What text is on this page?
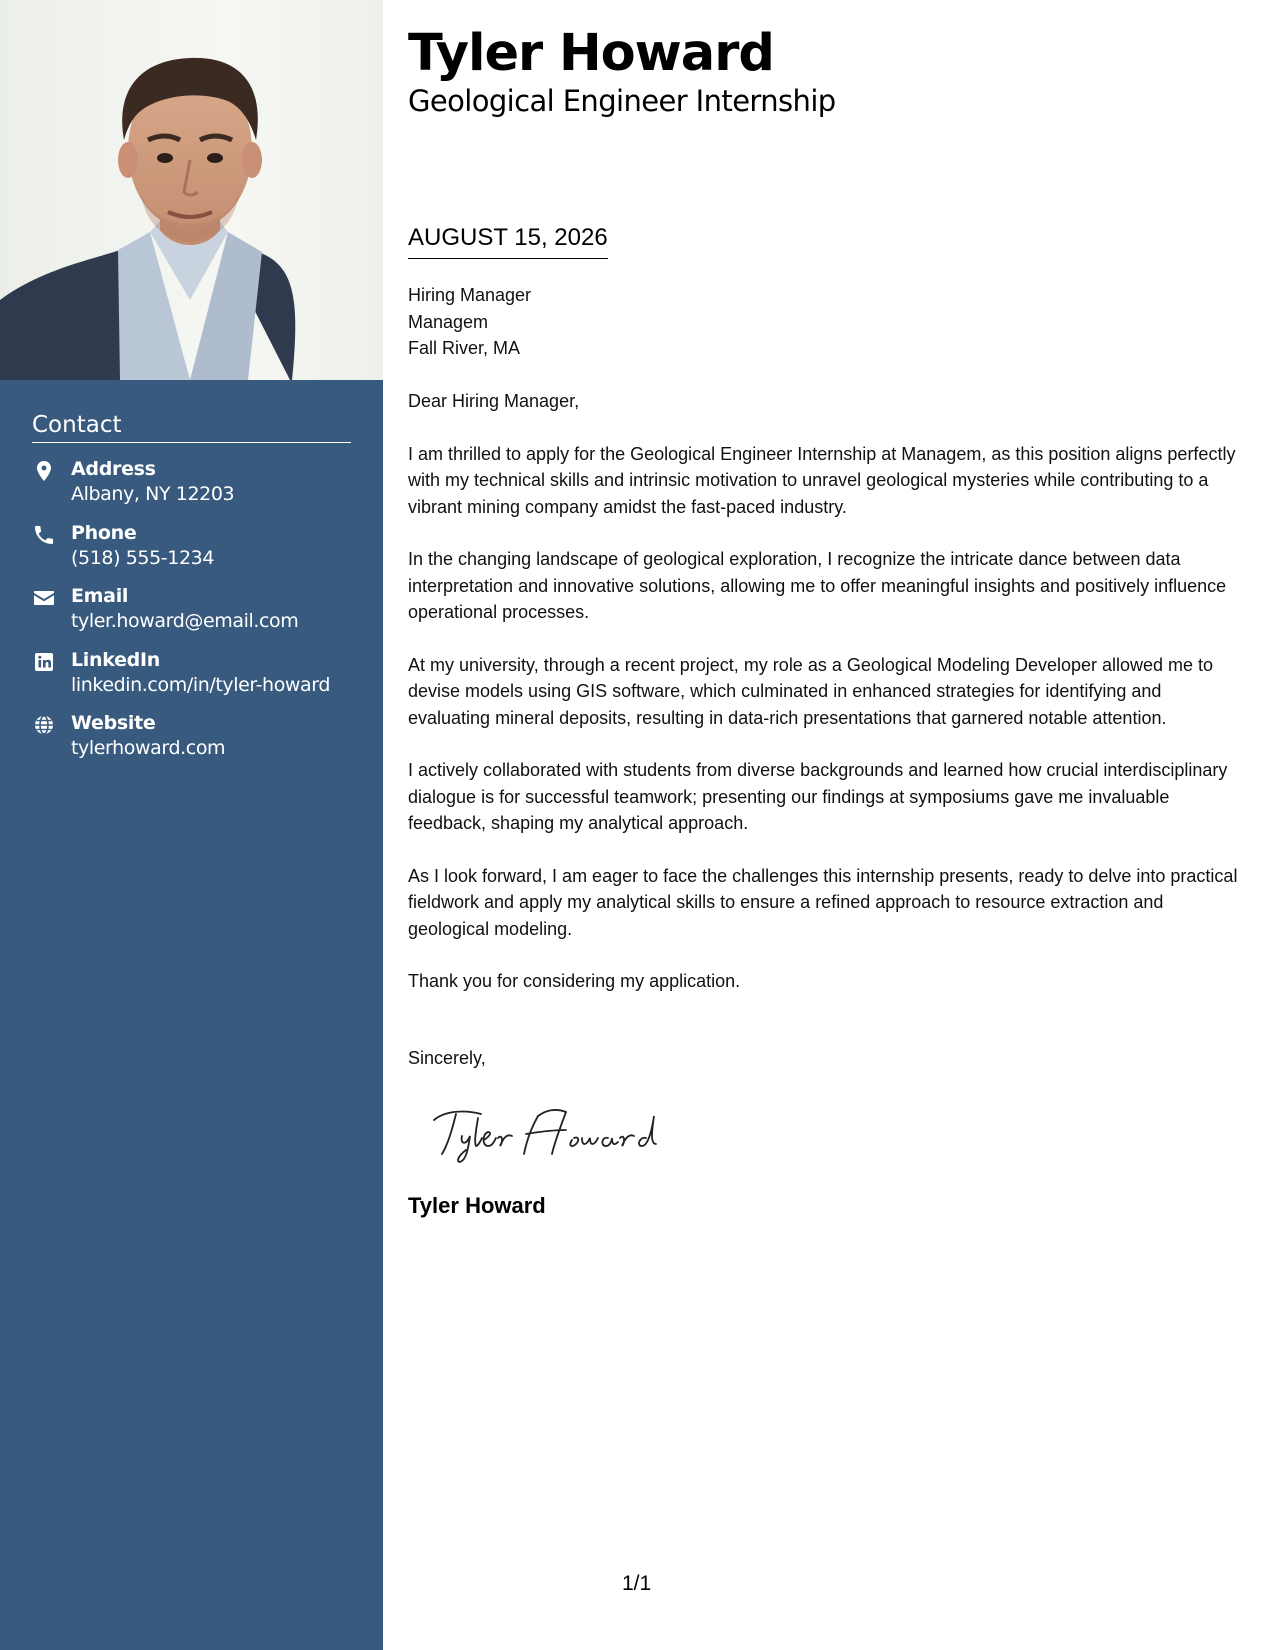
Contact
Address
Albany, NY 12203
Phone
(518) 555-1234
Email
tyler.howard@email.com
LinkedIn
linkedin.com/in/tyler-howard
Website
tylerhoward.com
Tyler Howard
Geological Engineer Internship
AUGUST 15, 2026
Hiring Manager
Managem
Fall River, MA

Dear Hiring Manager,

I am thrilled to apply for the Geological Engineer Internship at Managem, as this position aligns perfectly with my technical skills and intrinsic motivation to unravel geological mysteries while contributing to a vibrant mining company amidst the fast-paced industry.

In the changing landscape of geological exploration, I recognize the intricate dance between data interpretation and innovative solutions, allowing me to offer meaningful insights and positively influence operational processes.

At my university, through a recent project, my role as a Geological Modeling Developer allowed me to devise models using GIS software, which culminated in enhanced strategies for identifying and evaluating mineral deposits, resulting in data-rich presentations that garnered notable attention.

I actively collaborated with students from diverse backgrounds and learned how crucial interdisciplinary dialogue is for successful teamwork; presenting our findings at symposiums gave me invaluable feedback, shaping my analytical approach.

As I look forward, I am eager to face the challenges this internship presents, ready to delve into practical fieldwork and apply my analytical skills to ensure a refined approach to resource extraction and geological modeling.

Thank you for considering my application.

Sincerely,
Tyler Howard
1/1
